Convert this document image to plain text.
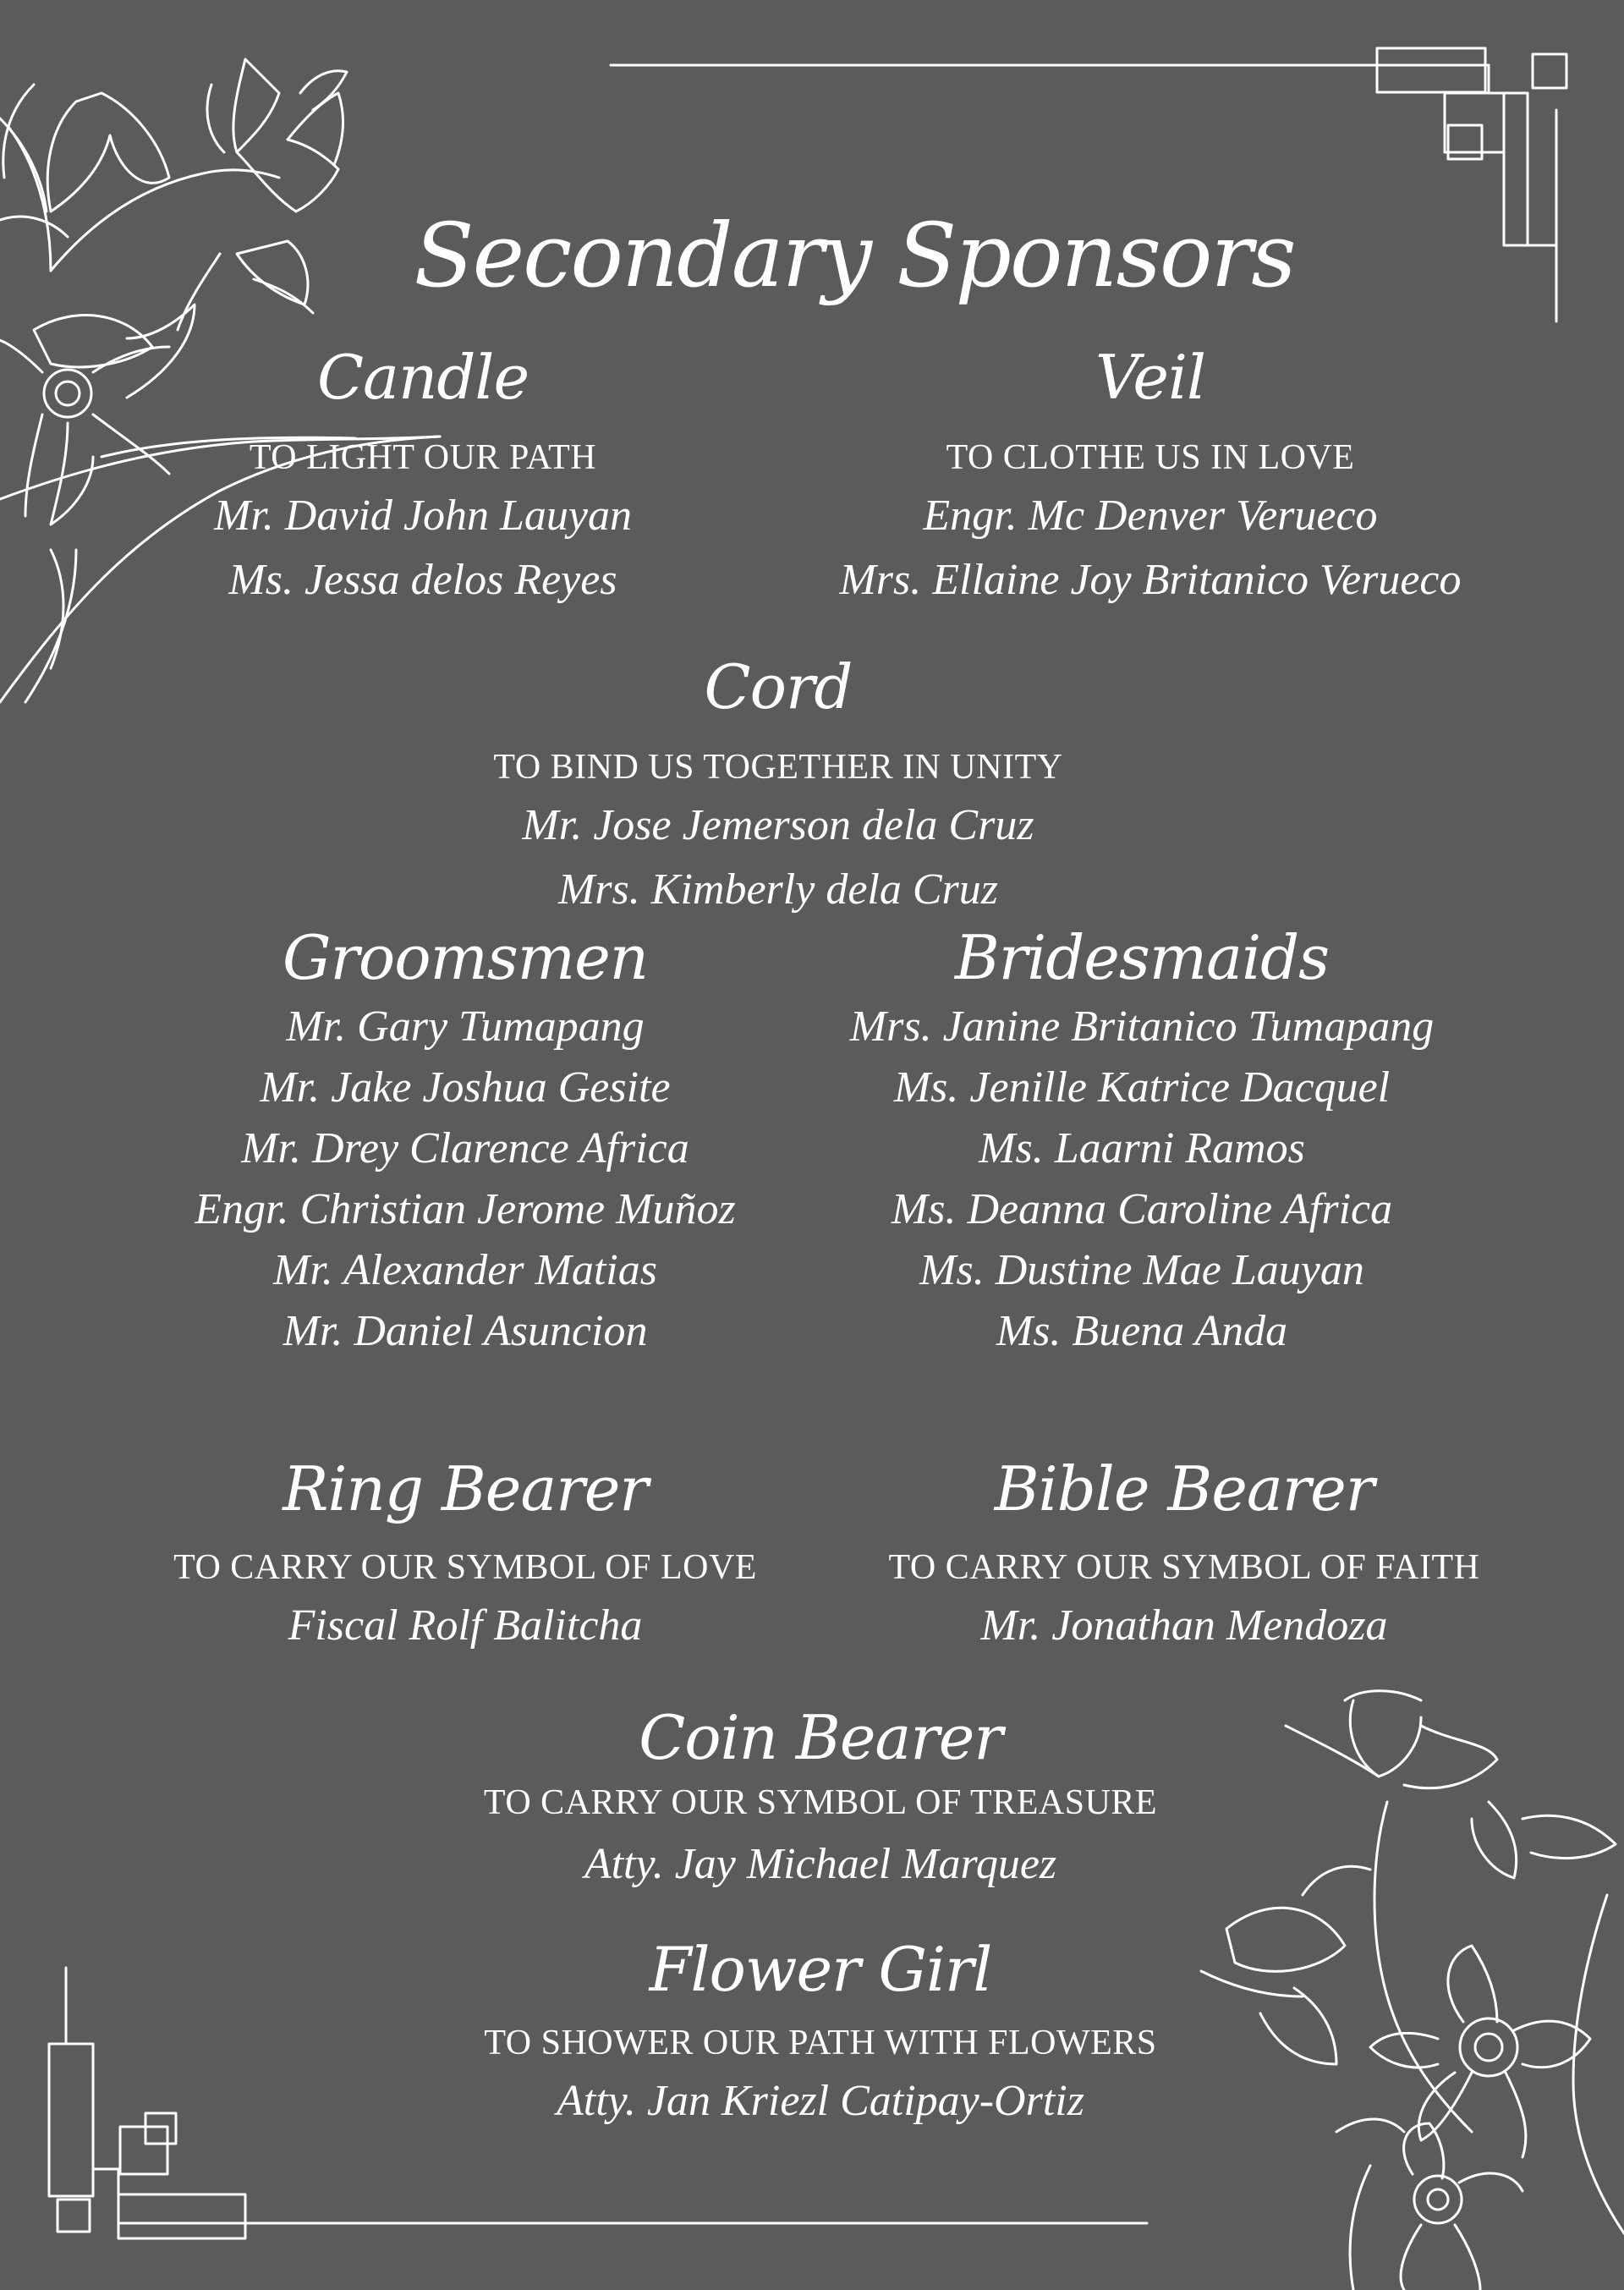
Secondary Sponsors
Candle
TO LIGHT OUR PATH
Mr. David John Lauyan
Ms. Jessa delos Reyes
Veil
TO CLOTHE US IN LOVE
Engr. Mc Denver Verueco
Mrs. Ellaine Joy Britanico Verueco
Cord
TO BIND US TOGETHER IN UNITY
Mr. Jose Jemerson dela Cruz
Mrs. Kimberly dela Cruz
Groomsmen
Mr. Gary Tumapang
Mr. Jake Joshua Gesite
Mr. Drey Clarence Africa
Engr. Christian Jerome Muñoz
Mr. Alexander Matias
Mr. Daniel Asuncion
Bridesmaids
Mrs. Janine Britanico Tumapang
Ms. Jenille Katrice Dacquel
Ms. Laarni Ramos
Ms. Deanna Caroline Africa
Ms. Dustine Mae Lauyan
Ms. Buena Anda
Ring Bearer
TO CARRY OUR SYMBOL OF LOVE
Fiscal Rolf Balitcha
Bible Bearer
TO CARRY OUR SYMBOL OF FAITH
Mr. Jonathan Mendoza
Coin Bearer
TO CARRY OUR SYMBOL OF TREASURE
Atty. Jay Michael Marquez
Flower Girl
TO SHOWER OUR PATH WITH FLOWERS
Atty. Jan Kriezl Catipay-Ortiz
